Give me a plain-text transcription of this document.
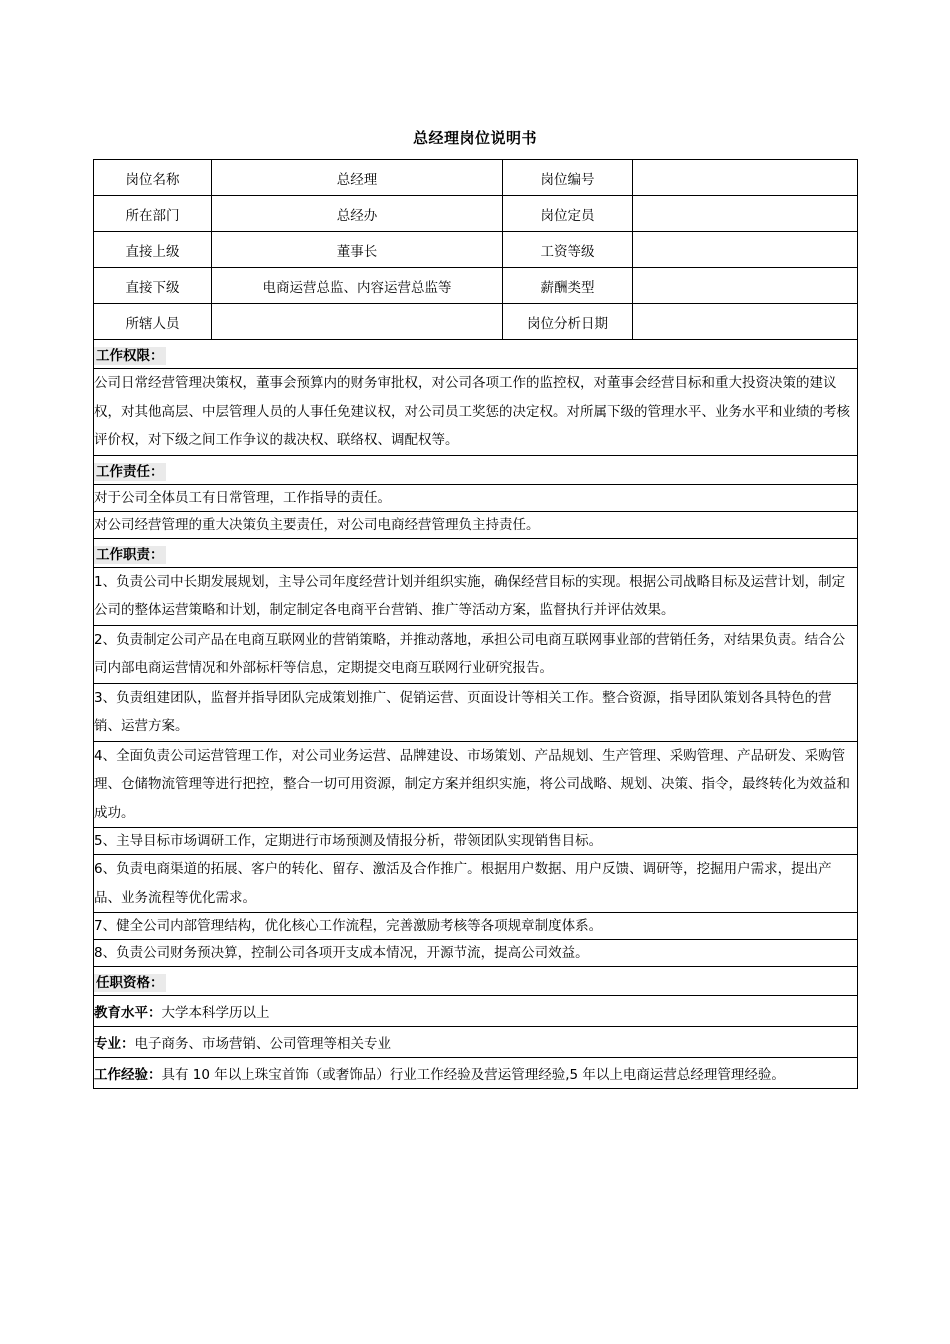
总经理岗位说明书
岗位名称	总经理	岗位编号	
所在部门	总经办	岗位定员	
直接上级	董事长	工资等级	
直接下级	电商运营总监、内容运营总监等	薪酬类型	
所辖人员		岗位分析日期	
工作权限：			
公司日常经营管理决策权，董事会预算内的财务审批权，对公司各项工作的监控权，对董事会经营目标和重大投资决策的建议权，对其他高层、中层管理人员的人事任免建议权，对公司员工奖惩的决定权。对所属下级的管理水平、业务水平和业绩的考核评价权，对下级之间工作争议的裁决权、联络权、调配权等。			
工作责任：			
对于公司全体员工有日常管理，工作指导的责任。			
对公司经营管理的重大决策负主要责任，对公司电商经营管理负主持责任。			
工作职责：			
1、负责公司中长期发展规划，主导公司年度经营计划并组织实施，确保经营目标的实现。根据公司战略目标及运营计划，制定公司的整体运营策略和计划，制定制定各电商平台营销、推广等活动方案，监督执行并评估效果。			
2、负责制定公司产品在电商互联网业的营销策略，并推动落地，承担公司电商互联网事业部的营销任务，对结果负责。结合公司内部电商运营情况和外部标杆等信息，定期提交电商互联网行业研究报告。			
3、负责组建团队，监督并指导团队完成策划推广、促销运营、页面设计等相关工作。整合资源，指导团队策划各具特色的营销、运营方案。			
4、全面负责公司运营管理工作，对公司业务运营、品牌建设、市场策划、产品规划、生产管理、采购管理、产品研发、采购管理、仓储物流管理等进行把控，整合一切可用资源，制定方案并组织实施，将公司战略、规划、决策、指令，最终转化为效益和成功。			
5、主导目标市场调研工作，定期进行市场预测及情报分析，带领团队实现销售目标。			
6、负责电商渠道的拓展、客户的转化、留存、激活及合作推广。根据用户数据、用户反馈、调研等，挖掘用户需求，提出产品、业务流程等优化需求。			
7、健全公司内部管理结构，优化核心工作流程，完善激励考核等各项规章制度体系。			
8、负责公司财务预决算，控制公司各项开支成本情况，开源节流，提高公司效益。			
任职资格：			
教育水平：大学本科学历以上			
专业：电子商务、市场营销、公司管理等相关专业			
工作经验：具有 10 年以上珠宝首饰（或奢饰品）行业工作经验及营运管理经验,5 年以上电商运营总经理管理经验。			
